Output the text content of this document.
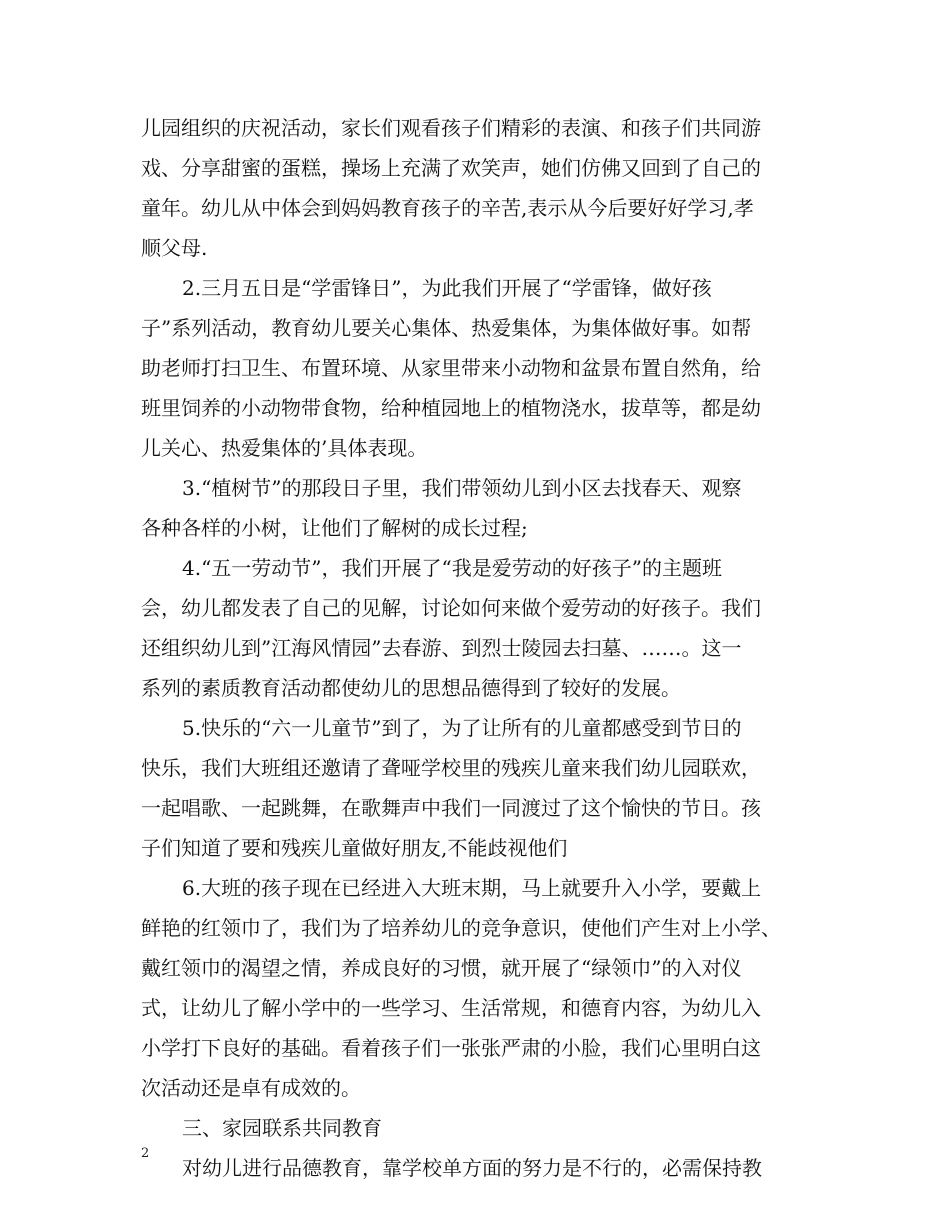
儿园组织的庆祝活动，家长们观看孩子们精彩的表演、和孩子们共同游
戏、分享甜蜜的蛋糕，操场上充满了欢笑声，她们仿佛又回到了自己的
童年。幼儿从中体会到妈妈教育孩子的辛苦,表示从今后要好好学习,孝
顺父母.
2.三月五日是“学雷锋日”，为此我们开展了“学雷锋，做好孩
子”系列活动，教育幼儿要关心集体、热爱集体，为集体做好事。如帮
助老师打扫卫生、布置环境、从家里带来小动物和盆景布置自然角，给
班里饲养的小动物带食物，给种植园地上的植物浇水，拔草等，都是幼
儿关心、热爱集体的’具体表现。
3.“植树节”的那段日子里，我们带领幼儿到小区去找春天、观察
各种各样的小树，让他们了解树的成长过程;
4.“五一劳动节”，我们开展了“我是爱劳动的好孩子”的主题班
会，幼儿都发表了自己的见解，讨论如何来做个爱劳动的好孩子。我们
还组织幼儿到”江海风情园”去春游、到烈士陵园去扫墓、……。这一
系列的素质教育活动都使幼儿的思想品德得到了较好的发展。
5.快乐的“六一儿童节”到了，为了让所有的儿童都感受到节日的
快乐，我们大班组还邀请了聋哑学校里的残疾儿童来我们幼儿园联欢，
一起唱歌、一起跳舞，在歌舞声中我们一同渡过了这个愉快的节日。孩
子们知道了要和残疾儿童做好朋友,不能歧视他们
6.大班的孩子现在已经进入大班末期，马上就要升入小学，要戴上
鲜艳的红领巾了，我们为了培养幼儿的竞争意识，使他们产生对上小学、
戴红领巾的渴望之情，养成良好的习惯，就开展了“绿领巾”的入对仪
式，让幼儿了解小学中的一些学习、生活常规，和德育内容，为幼儿入
小学打下良好的基础。看着孩子们一张张严肃的小脸，我们心里明白这
次活动还是卓有成效的。
三、家园联系共同教育
对幼儿进行品德教育，靠学校单方面的努力是不行的，必需保持教
2
